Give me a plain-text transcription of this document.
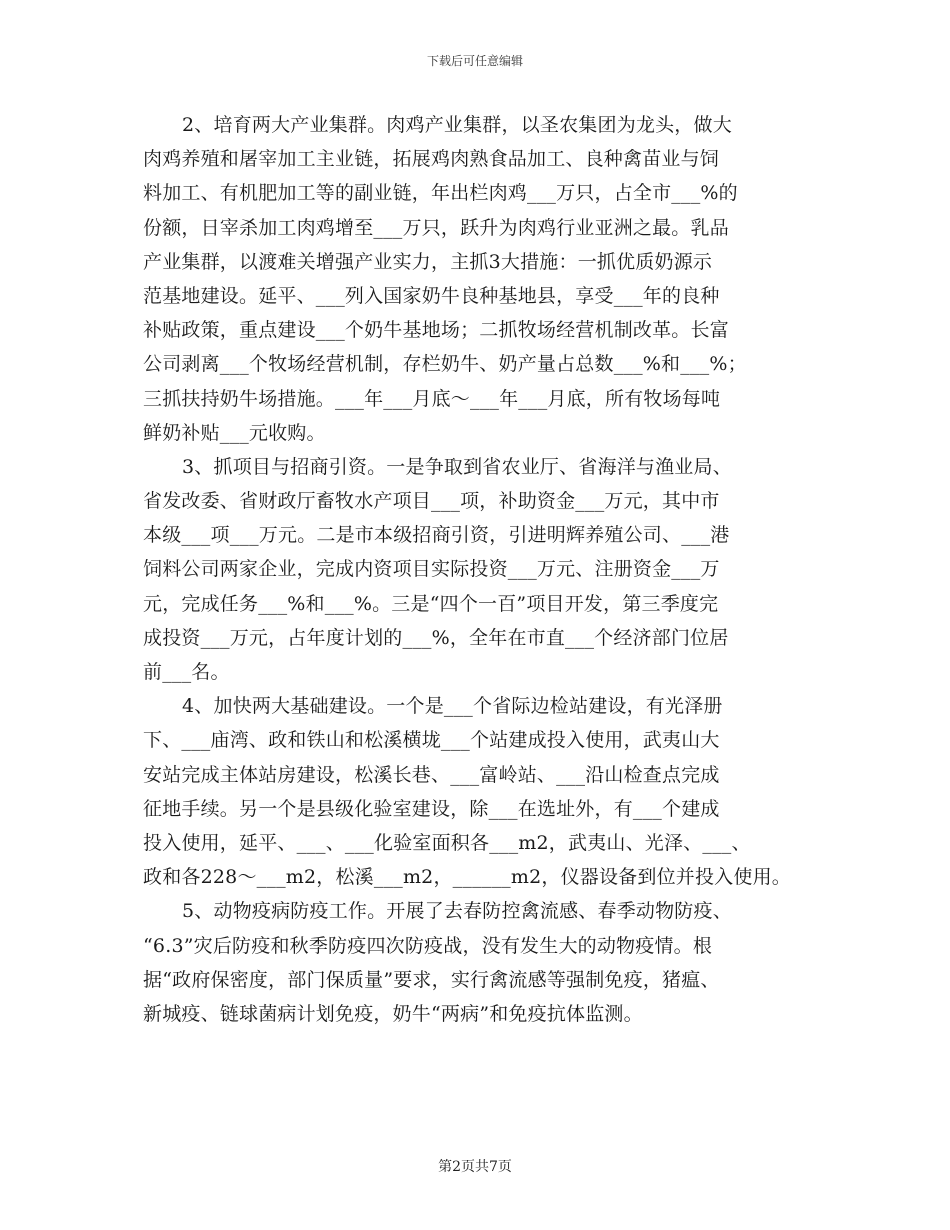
下载后可任意编辑

2、培育两大产业集群。肉鸡产业集群，以圣农集团为龙头，做大

肉鸡养殖和屠宰加工主业链，拓展鸡肉熟食品加工、良种禽苗业与饲

料加工、有机肥加工等的副业链，年出栏肉鸡___万只，占全市___%的

份额，日宰杀加工肉鸡增至___万只，跃升为肉鸡行业亚洲之最。乳品

产业集群，以渡难关增强产业实力，主抓3大措施：一抓优质奶源示

范基地建设。延平、___列入国家奶牛良种基地县，享受___年的良种

补贴政策，重点建设___个奶牛基地场；二抓牧场经营机制改革。长富

公司剥离___个牧场经营机制，存栏奶牛、奶产量占总数___%和___%；

三抓扶持奶牛场措施。___年___月底～___年___月底，所有牧场每吨

鲜奶补贴___元收购。

3、抓项目与招商引资。一是争取到省农业厅、省海洋与渔业局、

省发改委、省财政厅畜牧水产项目___项，补助资金___万元，其中市

本级___项___万元。二是市本级招商引资，引进明辉养殖公司、___港

饲料公司两家企业，完成内资项目实际投资___万元、注册资金___万

元，完成任务___%和___%。三是“四个一百”项目开发，第三季度完

成投资___万元，占年度计划的___%，全年在市直___个经济部门位居

前___名。

4、加快两大基础建设。一个是___个省际边检站建设，有光泽册

下、___庙湾、政和铁山和松溪横垅___个站建成投入使用，武夷山大

安站完成主体站房建设，松溪长巷、___富岭站、___沿山检查点完成

征地手续。另一个是县级化验室建设，除___在选址外，有___个建成

投入使用，延平、___、___化验室面积各___m2，武夷山、光泽、___、

政和各228～___m2，松溪___m2，______m2，仪器设备到位并投入使用。

5、动物疫病防疫工作。开展了去春防控禽流感、春季动物防疫、

“6.3”灾后防疫和秋季防疫四次防疫战，没有发生大的动物疫情。根

据“政府保密度，部门保质量”要求，实行禽流感等强制免疫，猪瘟、

新城疫、链球菌病计划免疫，奶牛“两病”和免疫抗体监测。

第2页共7页
